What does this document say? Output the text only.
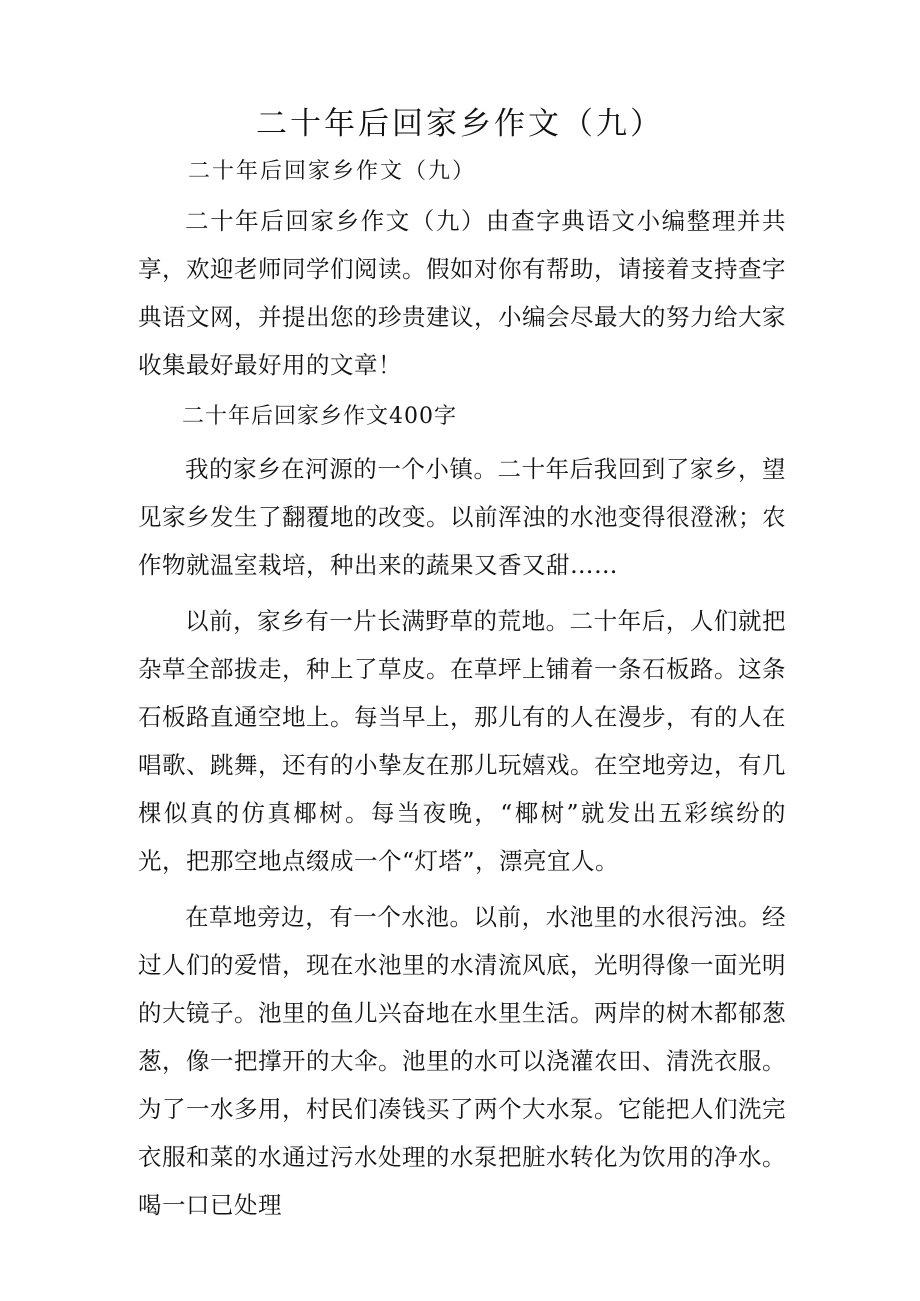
二十年后回家乡作文（九）

二十年后回家乡作文（九）

二十年后回家乡作文（九）由查字典语文小编整理并共享，欢迎老师同学们阅读。假如对你有帮助，请接着支持查字典语文网，并提出您的珍贵建议，小编会尽最大的努力给大家收集最好最好用的文章！

二十年后回家乡作文400字

我的家乡在河源的一个小镇。二十年后我回到了家乡，望见家乡发生了翻覆地的改变。以前浑浊的水池变得很澄湫；农作物就温室栽培，种出来的蔬果又香又甜……

以前，家乡有一片长满野草的荒地。二十年后，人们就把杂草全部拔走，种上了草皮。在草坪上铺着一条石板路。这条石板路直通空地上。每当早上，那儿有的人在漫步，有的人在唱歌、跳舞，还有的小挚友在那儿玩嬉戏。在空地旁边，有几棵似真的仿真椰树。每当夜晚，“椰树”就发出五彩缤纷的光，把那空地点缀成一个“灯塔”，漂亮宜人。

在草地旁边，有一个水池。以前，水池里的水很污浊。经过人们的爱惜，现在水池里的水清流风底，光明得像一面光明的大镜子。池里的鱼儿兴奋地在水里生活。两岸的树木都郁葱葱，像一把撑开的大伞。池里的水可以浇灌农田、清洗衣服。为了一水多用，村民们凑钱买了两个大水泵。它能把人们洗完衣服和菜的水通过污水处理的水泵把脏水转化为饮用的净水。喝一口已处理
